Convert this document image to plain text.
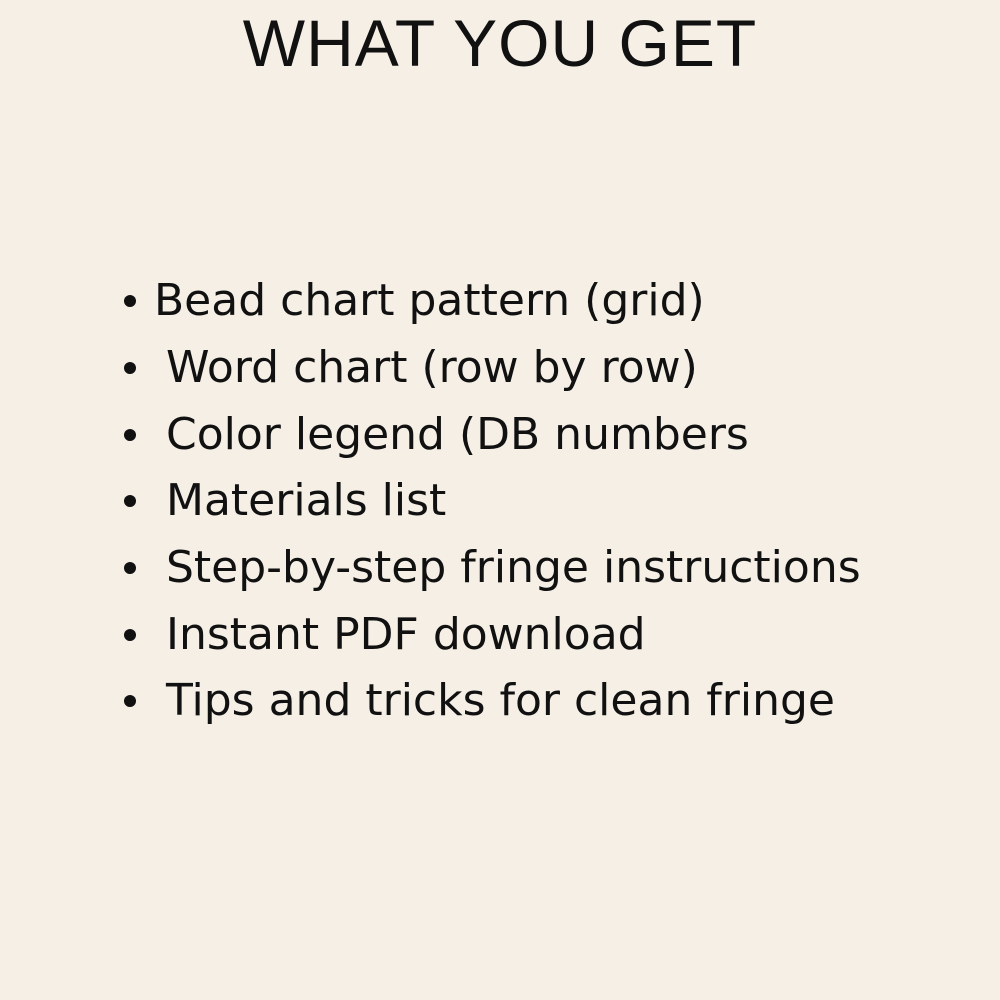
WHAT YOU GET
Bead chart pattern (grid)
Word chart (row by row)
Color legend (DB numbers
Materials list
Step-by-step fringe instructions
Instant PDF download
Tips and tricks for clean fringe
